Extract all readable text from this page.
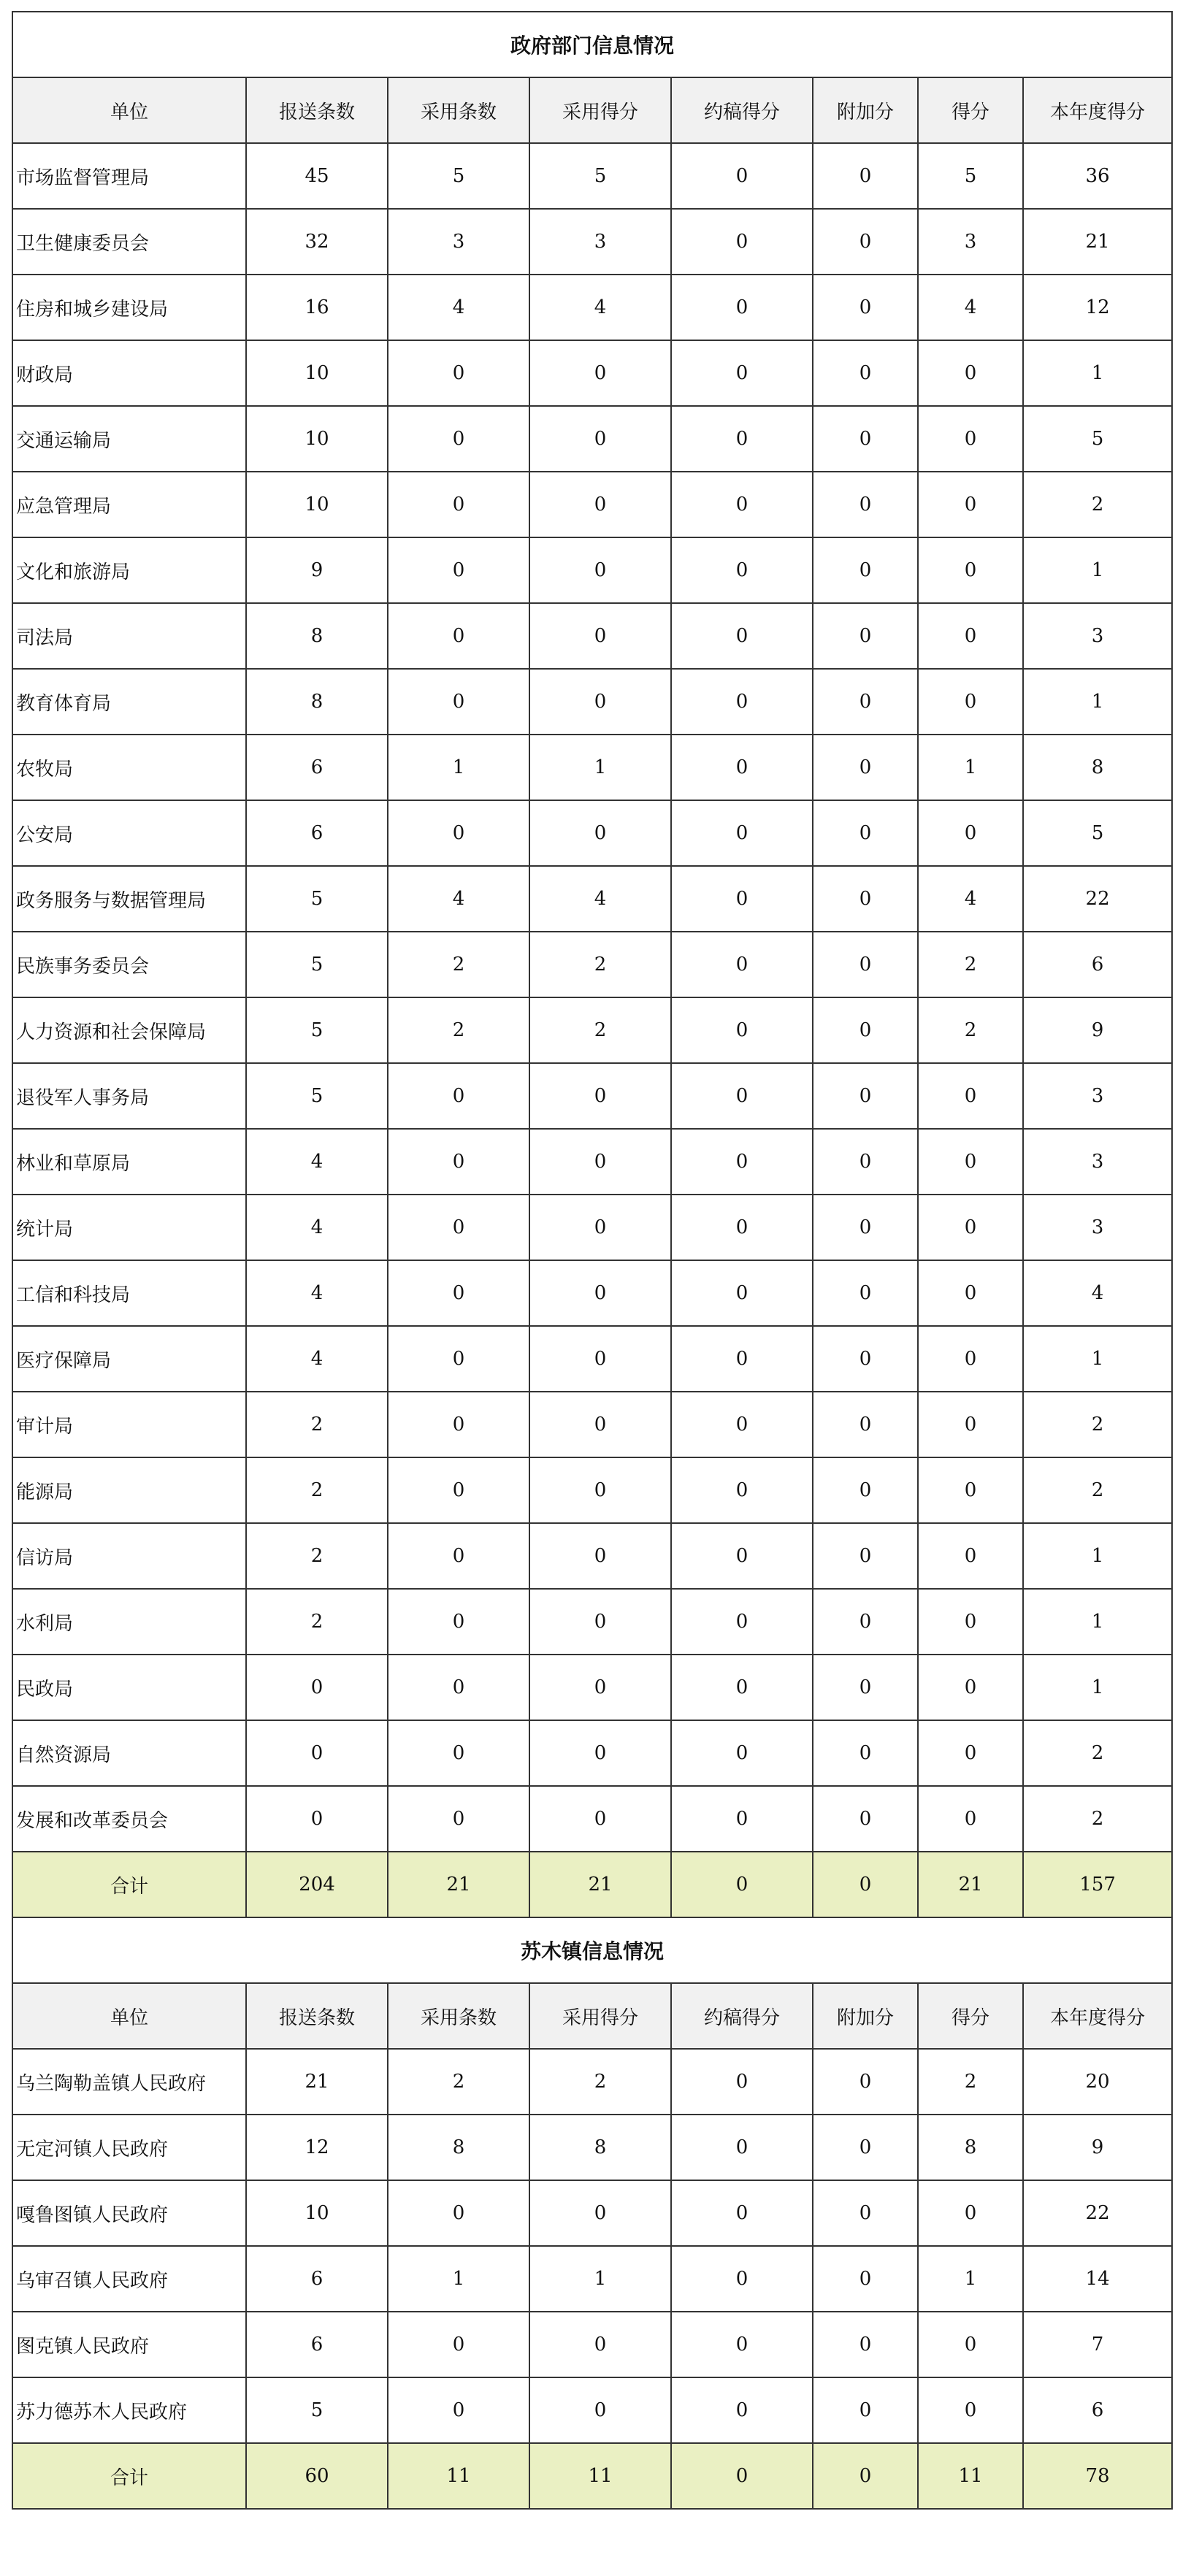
政府部门信息情况							
单位	报送条数	采用条数	采用得分	约稿得分	附加分	得分	本年度得分
市场监督管理局	45	5	5	0	0	5	36
卫生健康委员会	32	3	3	0	0	3	21
住房和城乡建设局	16	4	4	0	0	4	12
财政局	10	0	0	0	0	0	1
交通运输局	10	0	0	0	0	0	5
应急管理局	10	0	0	0	0	0	2
文化和旅游局	9	0	0	0	0	0	1
司法局	8	0	0	0	0	0	3
教育体育局	8	0	0	0	0	0	1
农牧局	6	1	1	0	0	1	8
公安局	6	0	0	0	0	0	5
政务服务与数据管理局	5	4	4	0	0	4	22
民族事务委员会	5	2	2	0	0	2	6
人力资源和社会保障局	5	2	2	0	0	2	9
退役军人事务局	5	0	0	0	0	0	3
林业和草原局	4	0	0	0	0	0	3
统计局	4	0	0	0	0	0	3
工信和科技局	4	0	0	0	0	0	4
医疗保障局	4	0	0	0	0	0	1
审计局	2	0	0	0	0	0	2
能源局	2	0	0	0	0	0	2
信访局	2	0	0	0	0	0	1
水利局	2	0	0	0	0	0	1
民政局	0	0	0	0	0	0	1
自然资源局	0	0	0	0	0	0	2
发展和改革委员会	0	0	0	0	0	0	2
合计	204	21	21	0	0	21	157
苏木镇信息情况							
单位	报送条数	采用条数	采用得分	约稿得分	附加分	得分	本年度得分
乌兰陶勒盖镇人民政府	21	2	2	0	0	2	20
无定河镇人民政府	12	8	8	0	0	8	9
嘎鲁图镇人民政府	10	0	0	0	0	0	22
乌审召镇人民政府	6	1	1	0	0	1	14
图克镇人民政府	6	0	0	0	0	0	7
苏力德苏木人民政府	5	0	0	0	0	0	6
合计	60	11	11	0	0	11	78
